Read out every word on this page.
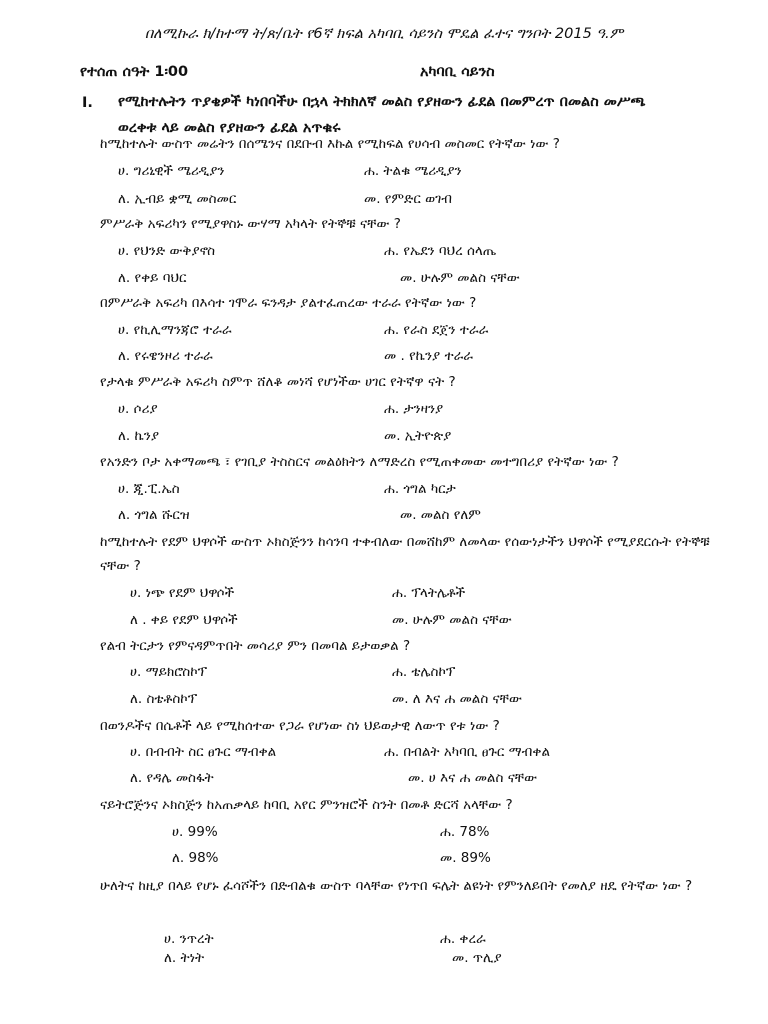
በለሚኩራ ክ/ከተማ ት/ጽ/ቤት የ6ኛ ክፍል አካባቢ ሳይንስ ሞዴል ፈተና ግንቦት 2015 ዓ.ም
የተሰጠ ሰዓት 1፡00	አካባቢ ሳይንስ
I. የሚከተሉትን ጥያቄዎች ካነበባችሁ በኋላ ትክክለኛ መልስ የያዘውን ፊደል በመምረጥ በመልስ መሥጫ
ወረቀቱ ላይ መልስ የያዘውን ፊደል አጥቁሩ
ከሚከተሉት ውስጥ መሬትን በሰሜንና በደቡብ እኩል የሚከፍል የሀሳብ መስመር የትኛው ነው ?
ሀ. ግሪኒዊች ሜሪዲያን	ሐ. ትልቁ ሜሪዲያን
ለ. ኢብይ ቋሚ መስመር	መ. የምድር ወገብ
ምሥራቅ አፍሪካን የሚያዋስኑ ውሃማ አካላት የትኞቹ ናቸው ?
ሀ. የህንድ ውቅያኖስ	ሐ. የኤደን ባህረ ሰላጤ
ለ. የቀይ ባህር	መ. ሁሉም መልስ ናቸው
በምሥራቅ አፍሪካ በእሳተ ገሞራ ፍንዳታ ያልተፈጠረው ተራራ የትኛው ነው ?
ሀ. የኪሊማንጃሮ ተራራ	ሐ. የራስ ደጀን ተራራ
ለ. የሩዌንዞሪ ተራራ	መ . የኬንያ ተራራ
የታላቁ ምሥራቅ አፍሪካ ስምጥ ሸለቆ መነሻ የሆነችው ሀገር የትኛዋ ናት ?
ሀ. ሶሪያ	ሐ. ታንዛንያ
ለ. ኬንያ	መ. ኢትዮጵያ
የአንድን ቦታ አቀማመጫ ፣ የገቢያ ትስስርና መልዕክትን ለማድረስ የሚጠቀመው መተግበሪያ የትኛው ነው ?
ሀ. ጂ.ፒ.ኤስ	ሐ. ጎግል ካርታ
ለ. ጎግል ሹርዝ	መ. መልስ የለም
ከሚከተሉት የደም ህዋሶች ውስጥ ኦክስጅንን ከሳንባ ተቀብለው በመሸከም ለመላው የሰውነታችን ህዋሶች የሚያደርሱት የትኞቹ ናቸው ?
ሀ. ነጭ የደም ህዋሶች	ሐ. ፕላትሌቶች
ለ . ቀይ የደም ህዋሶች	መ. ሁሉም መልስ ናቸው
የልብ ትርታን የምናዳምጥበት መሳሪያ ምን በመባል ይታወቃል ?
ሀ. ማይክሮስኮፕ	ሐ. ቴሌስኮፕ
ለ. ስቴቶስኮፕ	መ. ለ እና ሐ መልስ ናቸው
በወንዶችና በሴቶች ላይ የሚከሰተው የጋራ የሆነው ስነ ህይወታዊ ለውጥ የቱ ነው ?
ሀ. በብብት ስር ፀጉር ማብቀል	ሐ. በብልት አካባቢ ፀጉር ማብቀል
ለ. የዳሌ መስፋት	መ. ሀ እና ሐ መልስ ናቸው
ናይትሮጅንና ኦክስጅን ከአጠቃላይ ከባቢ አየር ምንዝሮች ስንት በመቶ ድርሻ አላቸው ?
ሀ. 99%	ሐ. 78%
ለ. 98%	መ. 89%
ሁለትና ከዚያ በላይ የሆኑ ፈሳሾችን በድብልቁ ውስጥ ባላቸው የነጥበ ፍሌት ልዩነት የምንለይበት የመለያ ዘዴ የትኛው ነው ?
ሀ. ንጥረት	ሐ. ቀረራ
ለ. ትነት	መ. ጥሊያ
